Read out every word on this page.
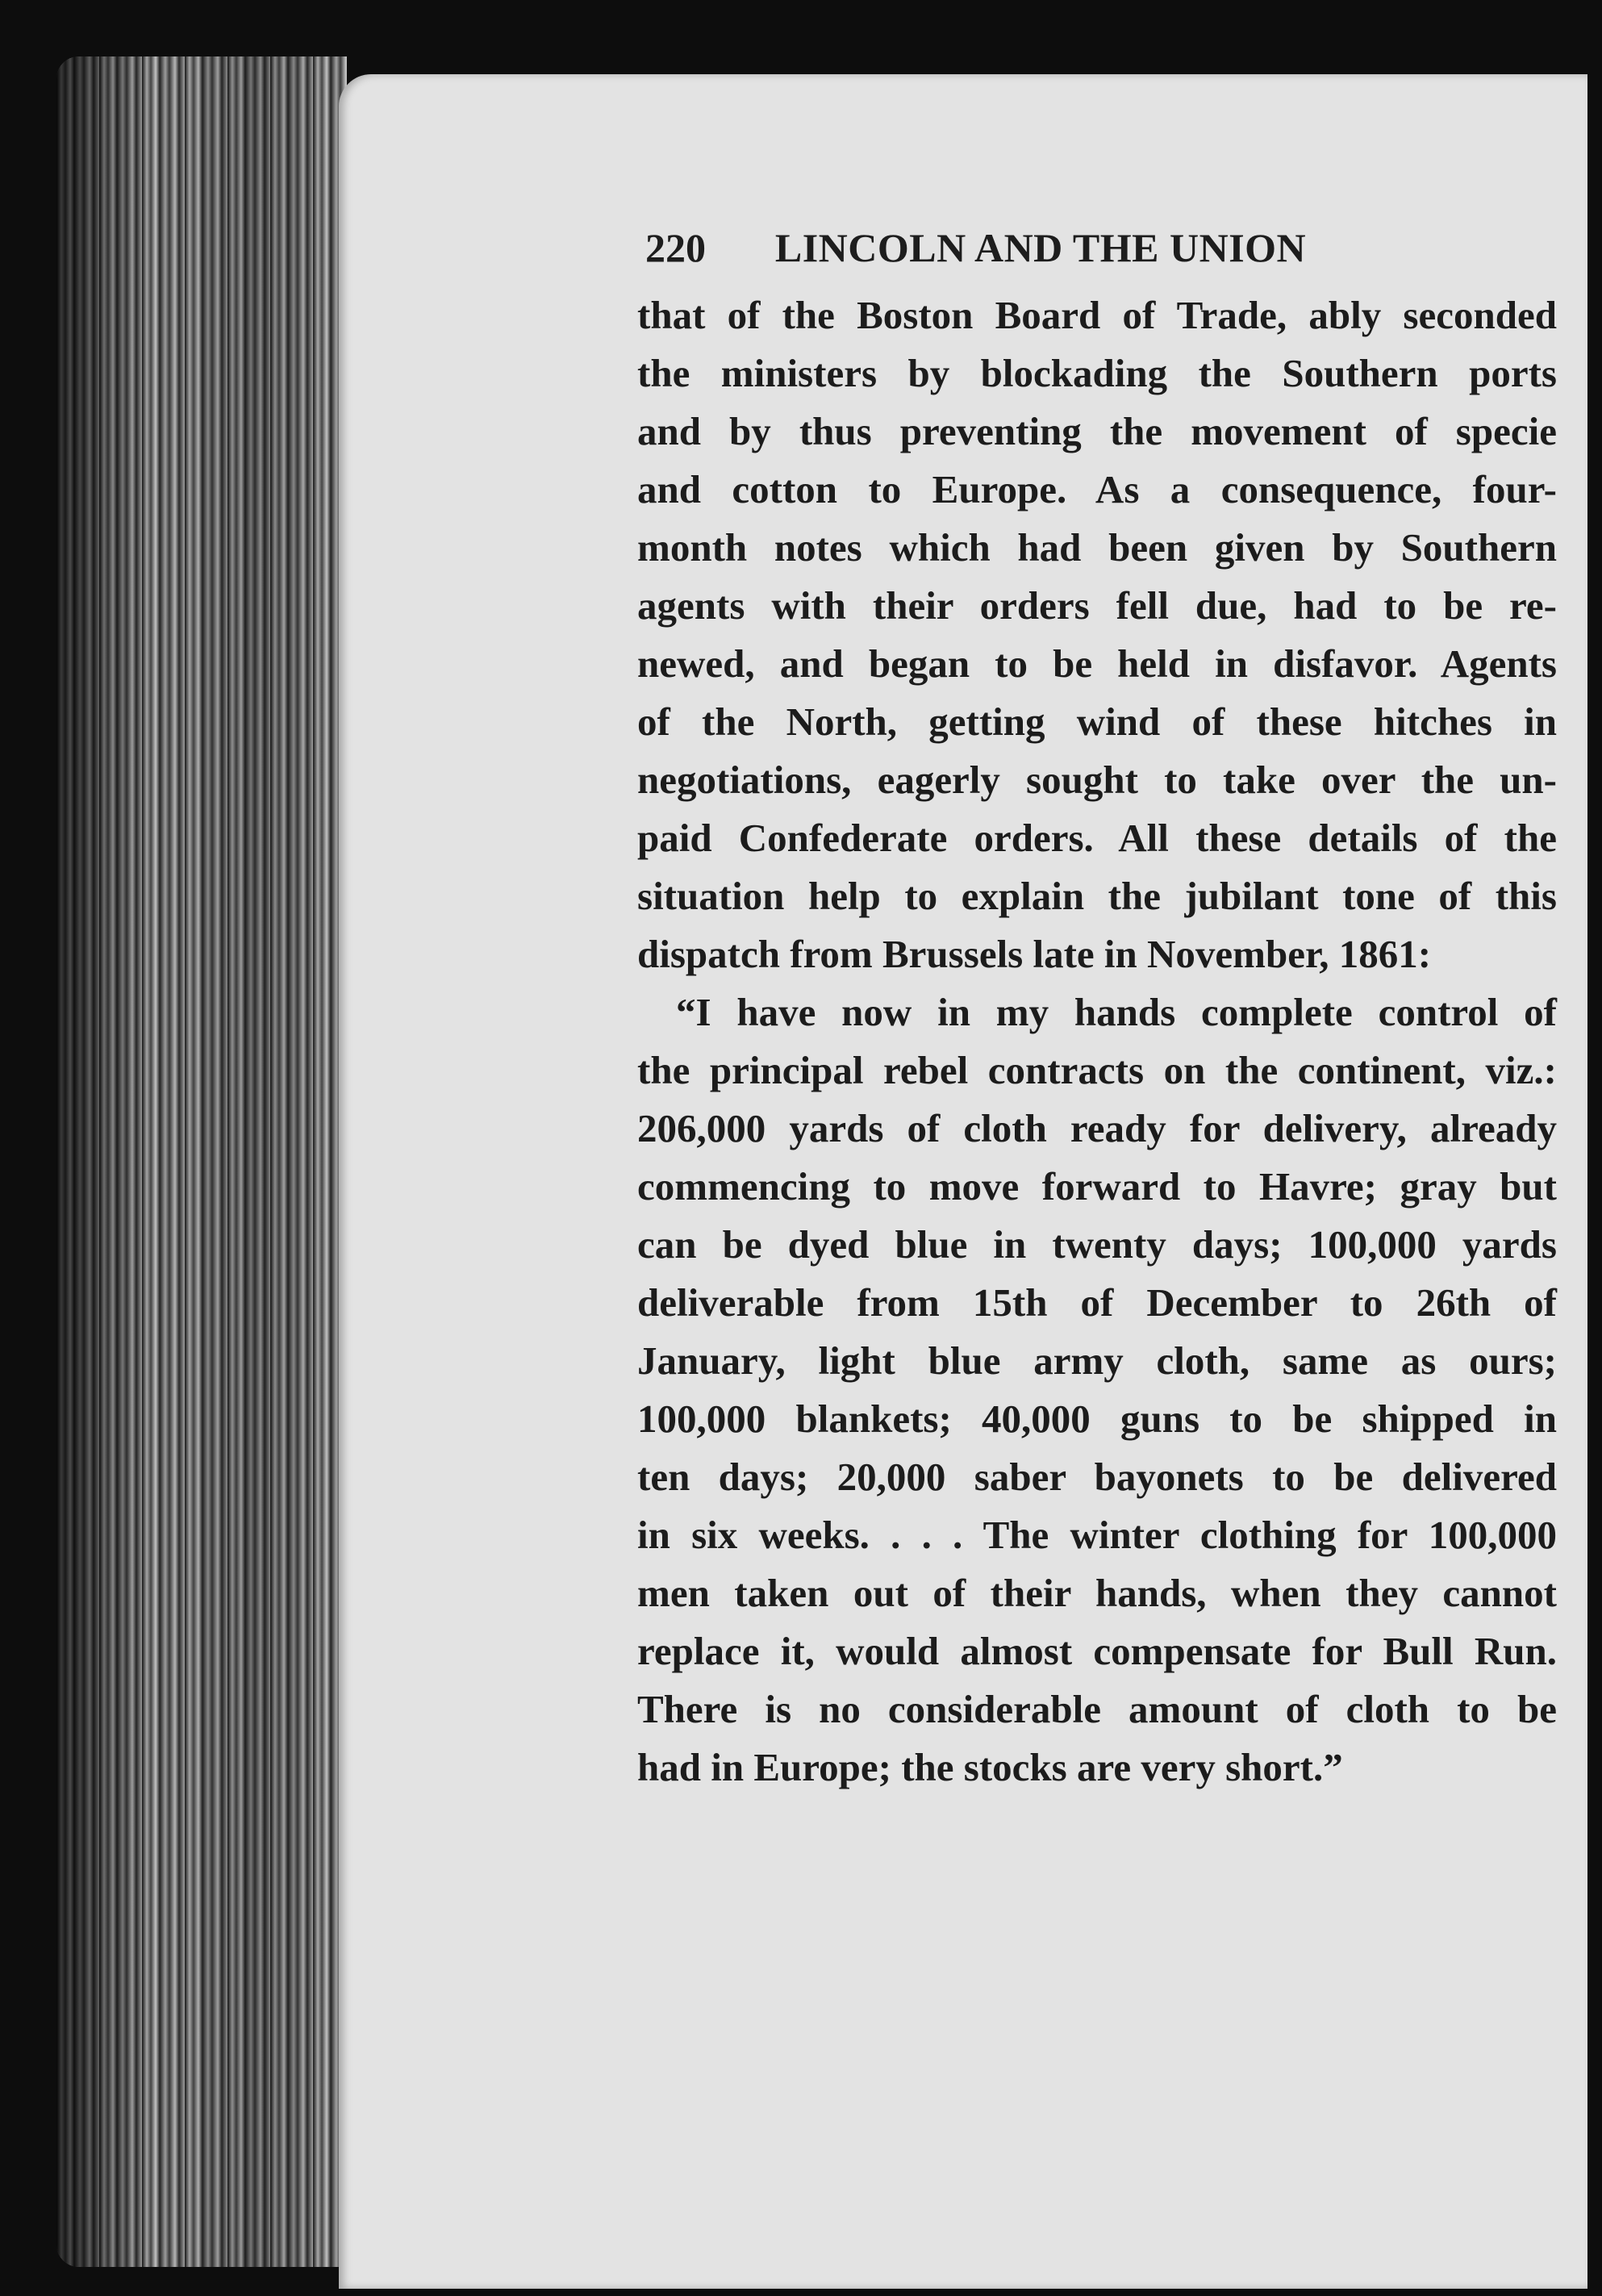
220	LINCOLN AND THE UNION
that of the Boston Board of Trade, ably seconded
the ministers by blockading the Southern ports
and by thus preventing the movement of specie
and cotton to Europe. As a consequence, four-
month notes which had been given by Southern
agents with their orders fell due, had to be re-
newed, and began to be held in disfavor. Agents
of the North, getting wind of these hitches in
negotiations, eagerly sought to take over the un-
paid Confederate orders. All these details of the
situation help to explain the jubilant tone of this
dispatch from Brussels late in November, 1861:
“I have now in my hands complete control of
the principal rebel contracts on the continent, viz.:
206,000 yards of cloth ready for delivery, already
commencing to move forward to Havre; gray but
can be dyed blue in twenty days; 100,000 yards
deliverable from 15th of December to 26th of
January, light blue army cloth, same as ours;
100,000 blankets; 40,000 guns to be shipped in
ten days; 20,000 saber bayonets to be delivered
in six weeks. . . . The winter clothing for 100,000
men taken out of their hands, when they cannot
replace it, would almost compensate for Bull Run.
There is no considerable amount of cloth to be
had in Europe; the stocks are very short.”
